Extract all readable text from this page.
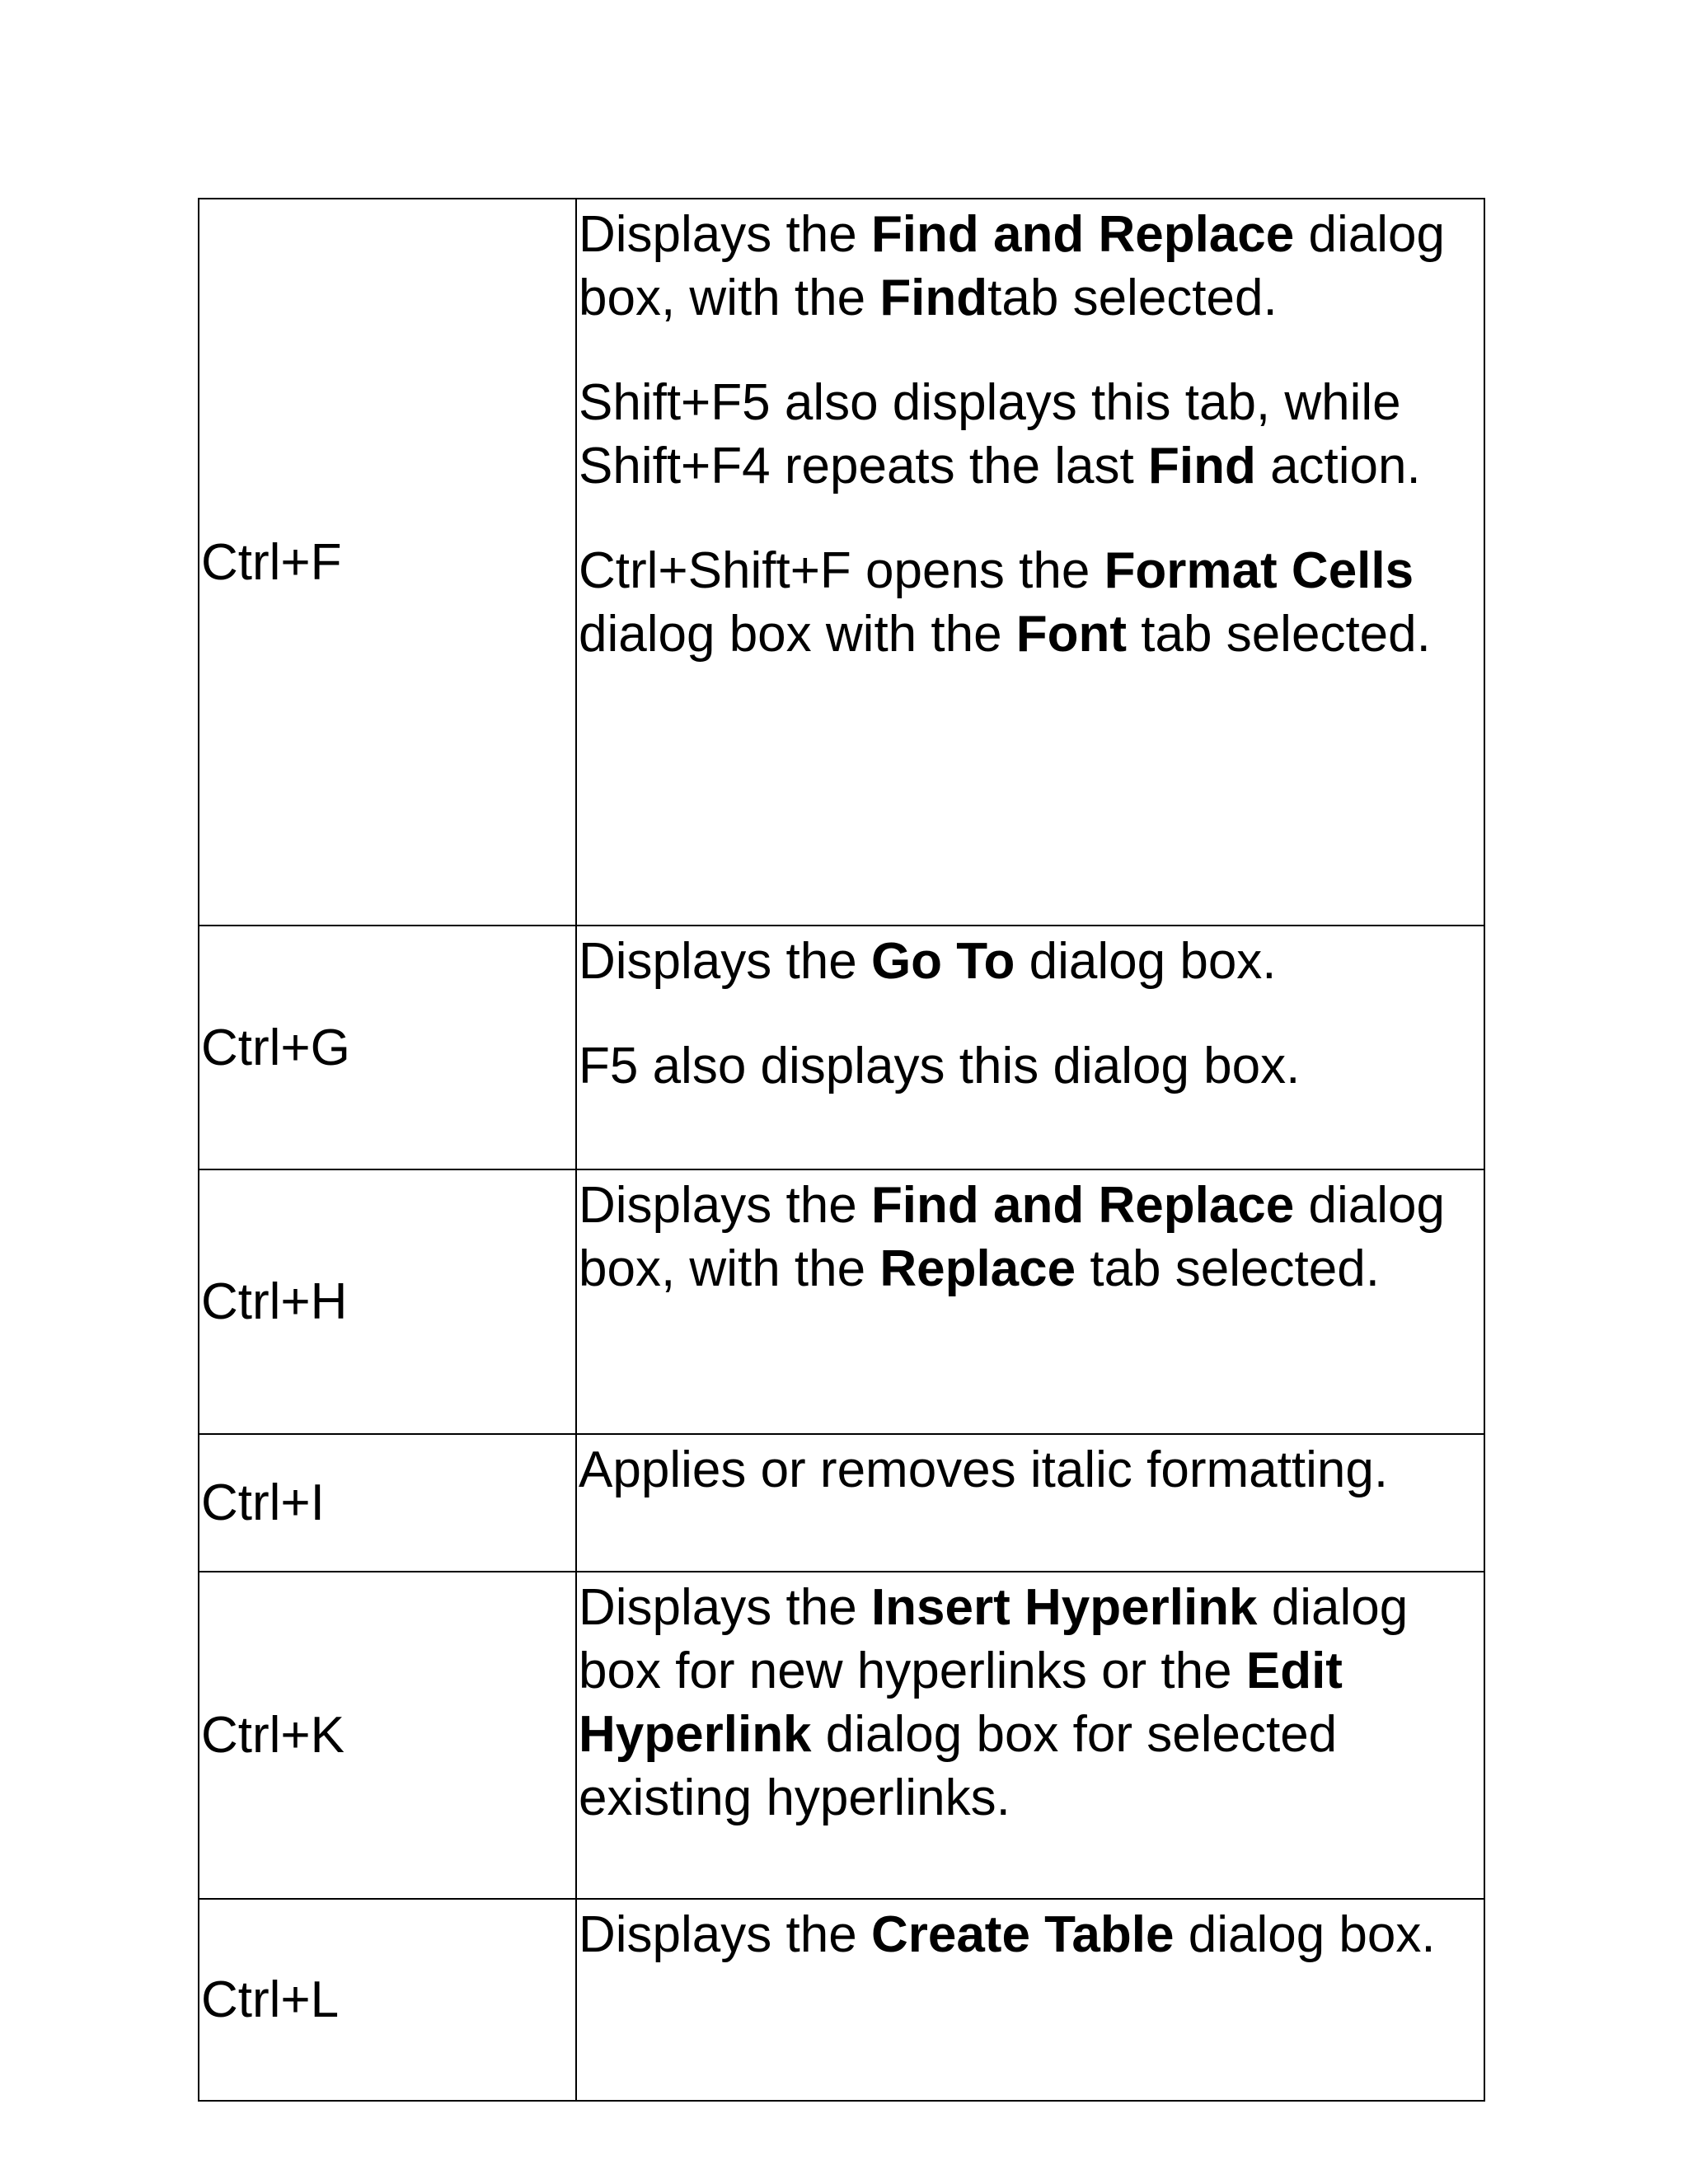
Ctrl+F	Displays the Find and Replace dialog box, with the Findtab selected.

Shift+F5 also displays this tab, while Shift+F4 repeats the last Find action.

Ctrl+Shift+F opens the Format Cells dialog box with the Font tab selected.

Ctrl+G	Displays the Go To dialog box.

F5 also displays this dialog box.

Ctrl+H	Displays the Find and Replace dialog box, with the Replace tab selected.

Ctrl+I	Applies or removes italic formatting.

Ctrl+K	Displays the Insert Hyperlink dialog box for new hyperlinks or the Edit Hyperlink dialog box for selected existing hyperlinks.

Ctrl+L	Displays the Create Table dialog box.
